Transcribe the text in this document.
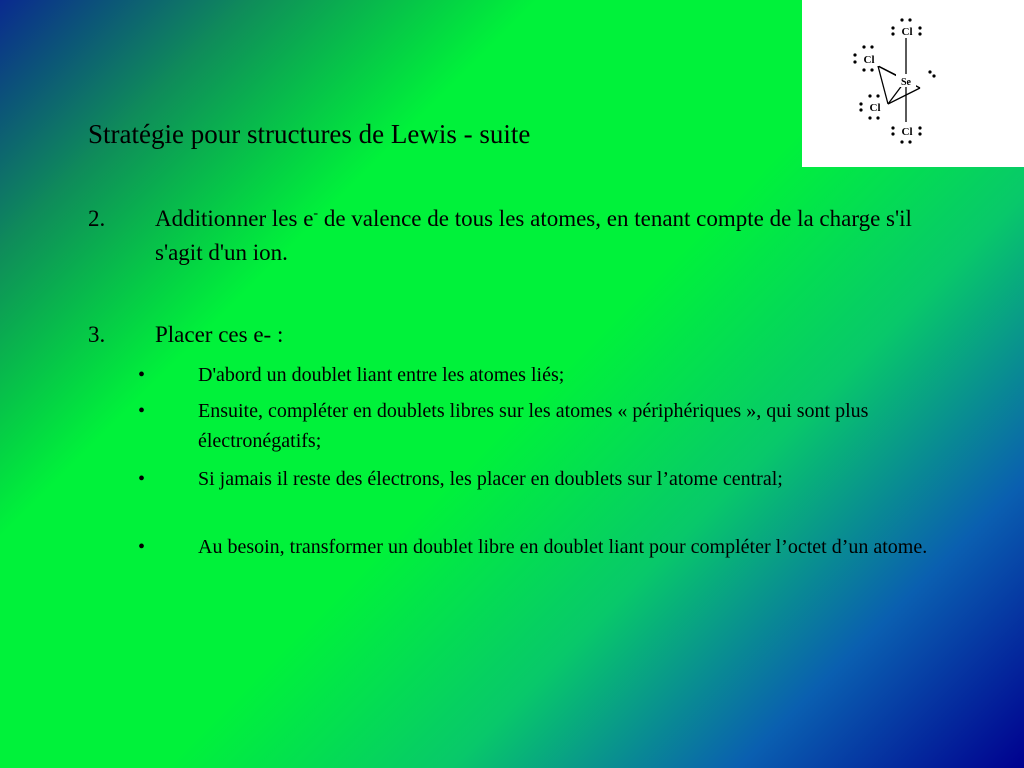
Stratégie pour structures de Lewis - suite
2. Additionner les e- de valence de tous les atomes, en tenant compte de la charge s'il s'agit d'un ion.
3. Placer ces e- :
•	D'abord un doublet liant entre les atomes liés;
•	Ensuite, compléter en doublets libres sur les atomes « périphériques », qui sont plus électronégatifs;
•	Si jamais il reste des électrons, les placer en doublets sur l’atome central;
•	Au besoin, transformer un doublet libre en doublet liant pour compléter l’octet d’un atome.
Cl
Cl
Se
Cl
Cl
